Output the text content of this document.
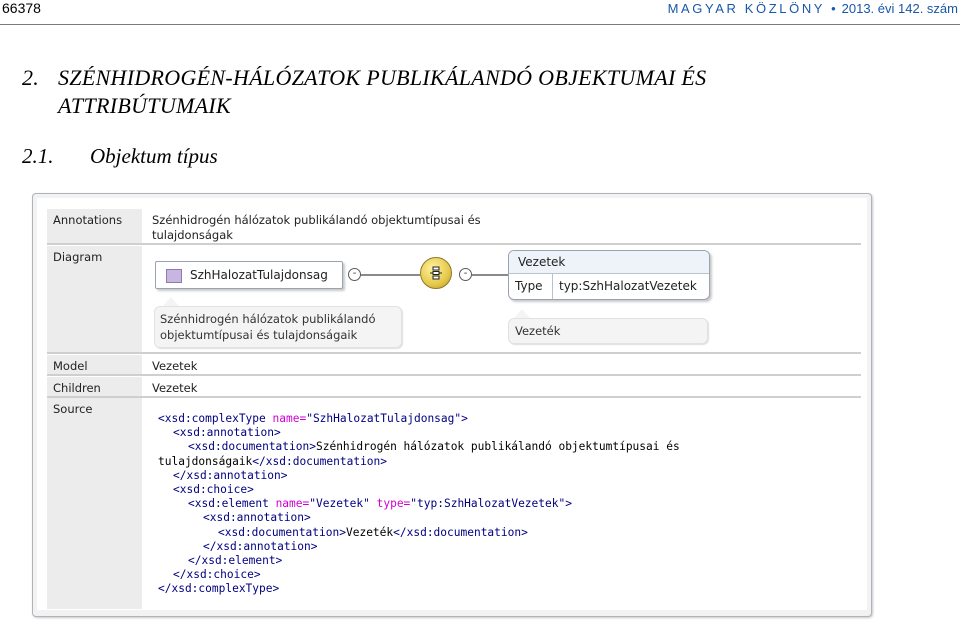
66378	MAGYAR KÖZLÖNY • 2013. évi 142. szám
2. SZÉNHIDROGÉN-HÁLÓZATOK PUBLIKÁLANDÓ OBJEKTUMAI ÉS
ATTRIBÚTUMAIK
2.1. Objektum típus
Annotations	Szénhidrogén hálózatok publikálandó objektumtípusai és
tulajdonságak
Diagram
SzhHalozatTulajdonsag	-	-
Vezetek
Type typ:SzhHalozatVezetek
Szénhidrogén hálózatok publikálandó
objektumtípusai és tulajdonságaik	Vezeték
Model	Vezetek
Children	Vezetek
Source
<xsd:complexType name="SzhHalozatTulajdonsag">
<xsd:annotation>
<xsd:documentation>Szénhidrogén hálózatok publikálandó objektumtípusai és
tulajdonságaik</xsd:documentation>
</xsd:annotation>
<xsd:choice>
<xsd:element name="Vezetek" type="typ:SzhHalozatVezetek">
<xsd:annotation>
<xsd:documentation>Vezeték</xsd:documentation>
</xsd:annotation>
</xsd:element>
</xsd:choice>
</xsd:complexType>
